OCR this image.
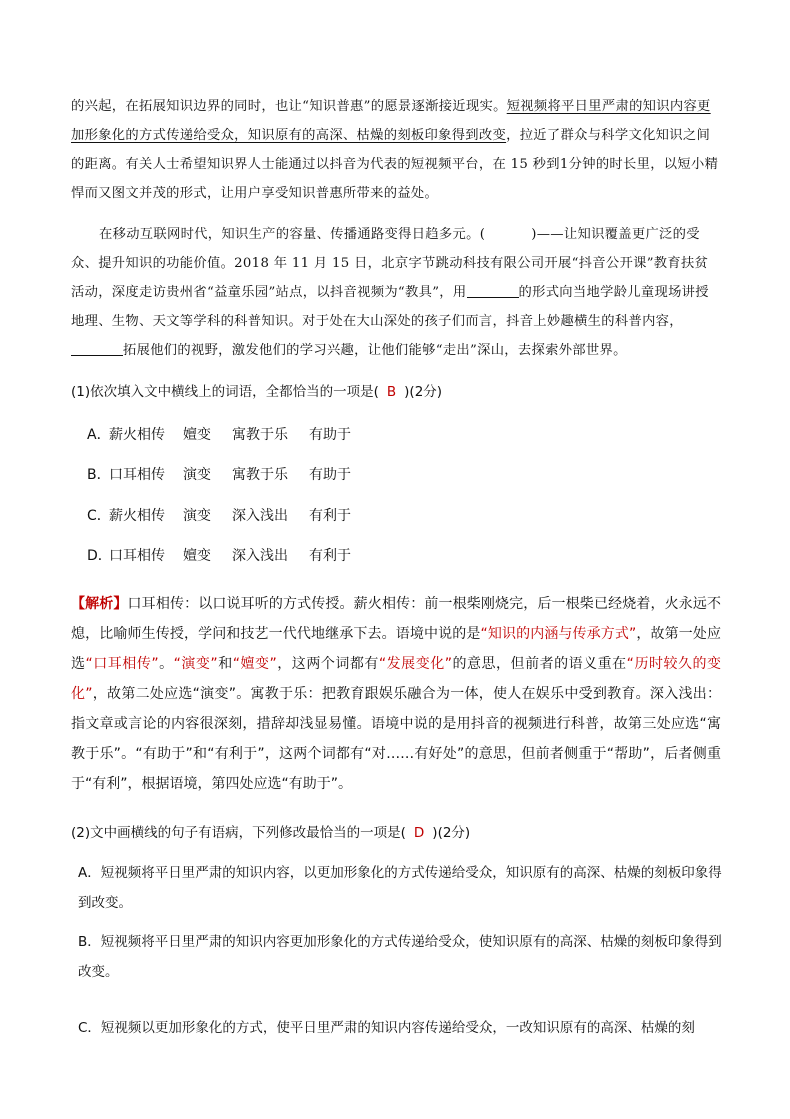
的兴起，在拓展知识边界的同时，也让“知识普惠”的愿景逐渐接近现实。短视频将平日里严肃的知识内容更加形象化的方式传递给受众，知识原有的高深、枯燥的刻板印象得到改变，拉近了群众与科学文化知识之间的距离。有关人士希望知识界人士能通过以抖音为代表的短视频平台，在 15 秒到1分钟的时长里，以短小精悍而又图文并茂的形式，让用户享受知识普惠所带来的益处。
在移动互联网时代，知识生产的容量、传播通路变得日趋多元。(	)——让知识覆盖更广泛的受众、提升知识的功能价值。2018 年 11 月 15 日，北京字节跳动科技有限公司开展“抖音公开课”教育扶贫活动，深度走访贵州省“益童乐园”站点，以抖音视频为“教具”，用	的形式向当地学龄儿童现场讲授地理、生物、天文等学科的科普知识。对于处在大山深处的孩子们而言，抖音上妙趣横生的科普内容，拓展他们的视野，激发他们的学习兴趣，让他们能够“走出”深山，去探索外部世界。
(1)依次填入文中横线上的词语，全都恰当的一项是( B )(2分)
A．薪火相传 嬗变 寓教于乐 有助于
B．口耳相传 演变 寓教于乐 有助于
C．薪火相传 演变 深入浅出 有利于
D．口耳相传 嬗变 深入浅出 有利于
【解析】口耳相传：以口说耳听的方式传授。薪火相传：前一根柴刚烧完，后一根柴已经烧着，火永远不熄，比喻师生传授，学问和技艺一代代地继承下去。语境中说的是“知识的内涵与传承方式”，故第一处应选“口耳相传”。“演变”和“嬗变”，这两个词都有“发展变化”的意思，但前者的语义重在“历时较久的变化”，故第二处应选“演变”。寓教于乐：把教育跟娱乐融合为一体，使人在娱乐中受到教育。深入浅出：指文章或言论的内容很深刻，措辞却浅显易懂。语境中说的是用抖音的视频进行科普，故第三处应选“寓教于乐”。“有助于”和“有利于”，这两个词都有“对……有好处”的意思，但前者侧重于“帮助”，后者侧重于“有利”，根据语境，第四处应选“有助于”。
(2)文中画横线的句子有语病，下列修改最恰当的一项是( D )(2分)
A．短视频将平日里严肃的知识内容，以更加形象化的方式传递给受众，知识原有的高深、枯燥的刻板印象得到改变。
B．短视频将平日里严肃的知识内容更加形象化的方式传递给受众，使知识原有的高深、枯燥的刻板印象得到改变。
C．短视频以更加形象化的方式，使平日里严肃的知识内容传递给受众，一改知识原有的高深、枯燥的刻
